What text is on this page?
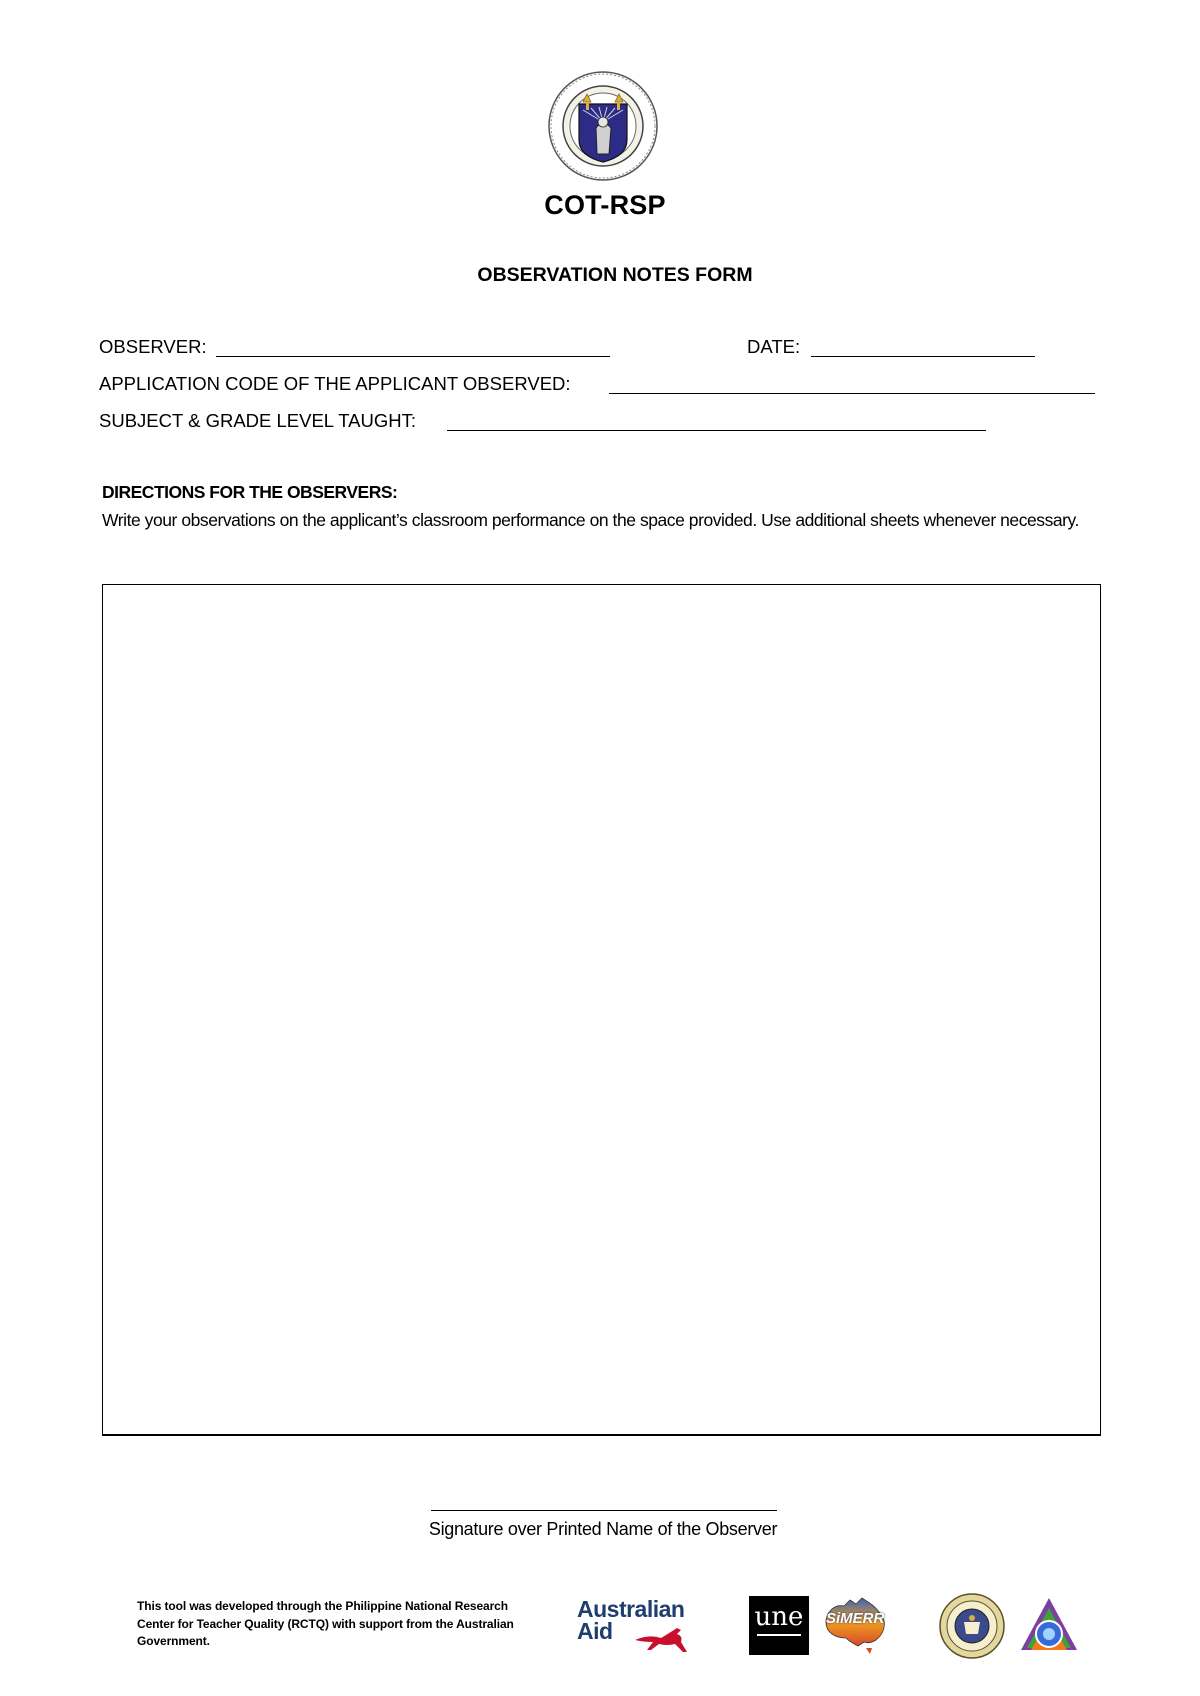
COT-RSP
OBSERVATION NOTES FORM
OBSERVER:	DATE:
APPLICATION CODE OF THE APPLICANT OBSERVED:
SUBJECT & GRADE LEVEL TAUGHT:
DIRECTIONS FOR THE OBSERVERS:
Write your observations on the applicant’s classroom performance on the space provided. Use additional sheets whenever necessary.
Signature over Printed Name of the Observer
This tool was developed through the Philippine National Research Center for Teacher Quality (RCTQ) with support from the Australian Government.
Australian Aid	une	SiMERR
